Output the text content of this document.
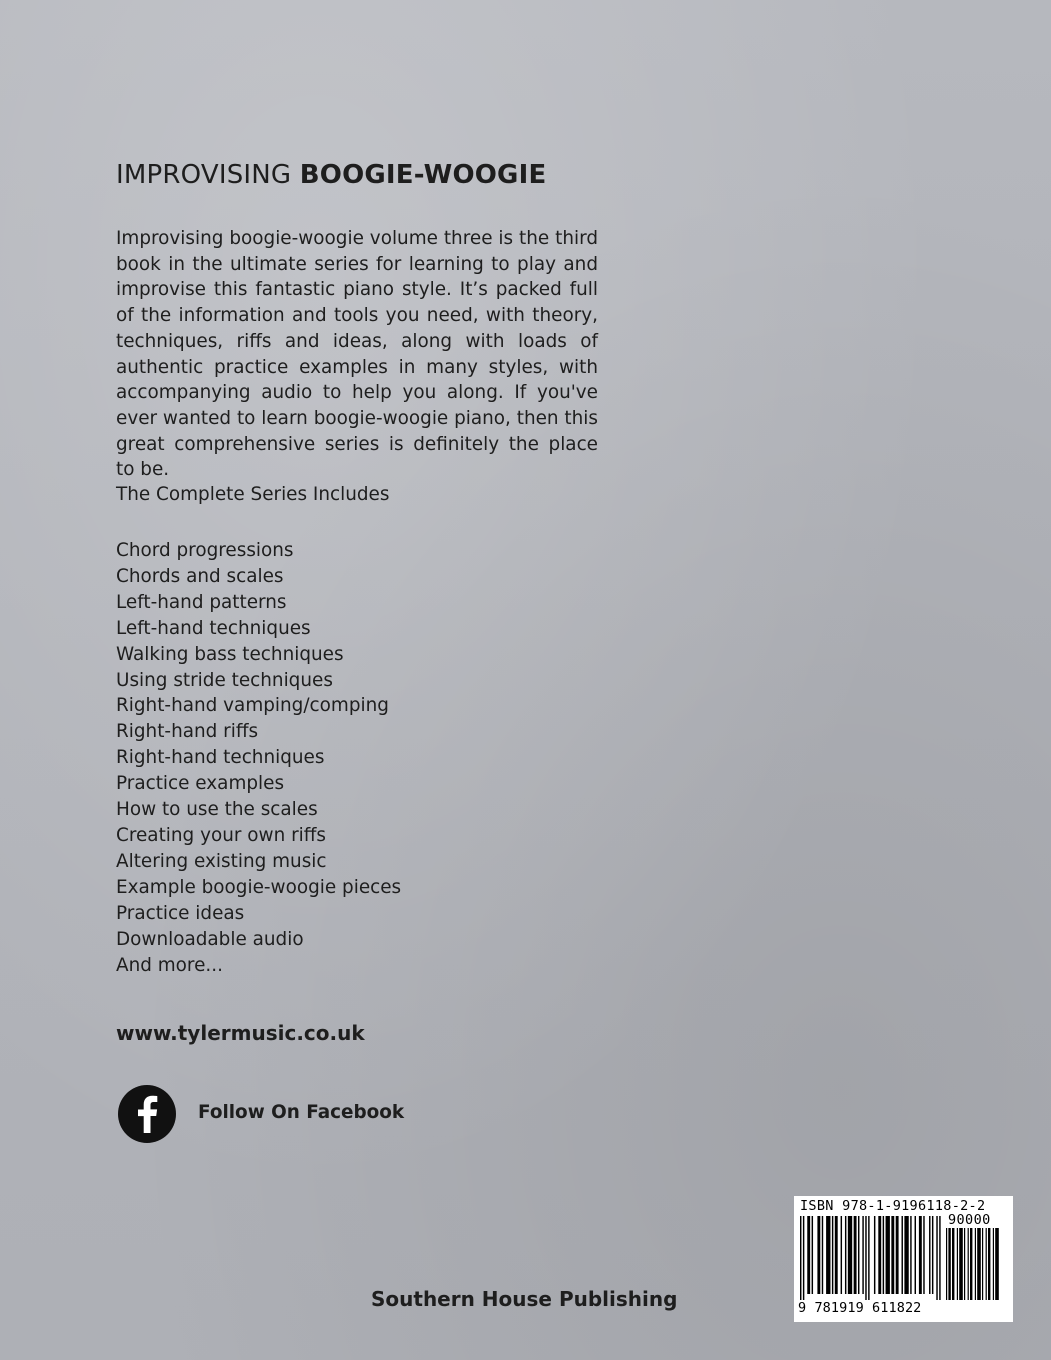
IMPROVISING BOOGIE-WOOGIE

Improvising boogie-woogie volume three is the third book in the ultimate series for learning to play and improvise this fantastic piano style. It’s packed full of the information and tools you need, with theory, techniques, riffs and ideas, along with loads of authentic practice examples in many styles, with accompanying audio to help you along. If you've ever wanted to learn boogie-woogie piano, then this great comprehensive series is definitely the place to be.

The Complete Series Includes
Chord progressions
Chords and scales
Left-hand patterns
Left-hand techniques
Walking bass techniques
Using stride techniques
Right-hand vamping/comping
Right-hand riffs
Right-hand techniques
Practice examples
How to use the scales
Creating your own riffs
Altering existing music
Example boogie-woogie pieces
Practice ideas
Downloadable audio
And more...
www.tylermusic.co.uk
Follow On Facebook
Southern House Publishing
ISBN 978-1-9196118-2-2
90000
9 781919 611822
